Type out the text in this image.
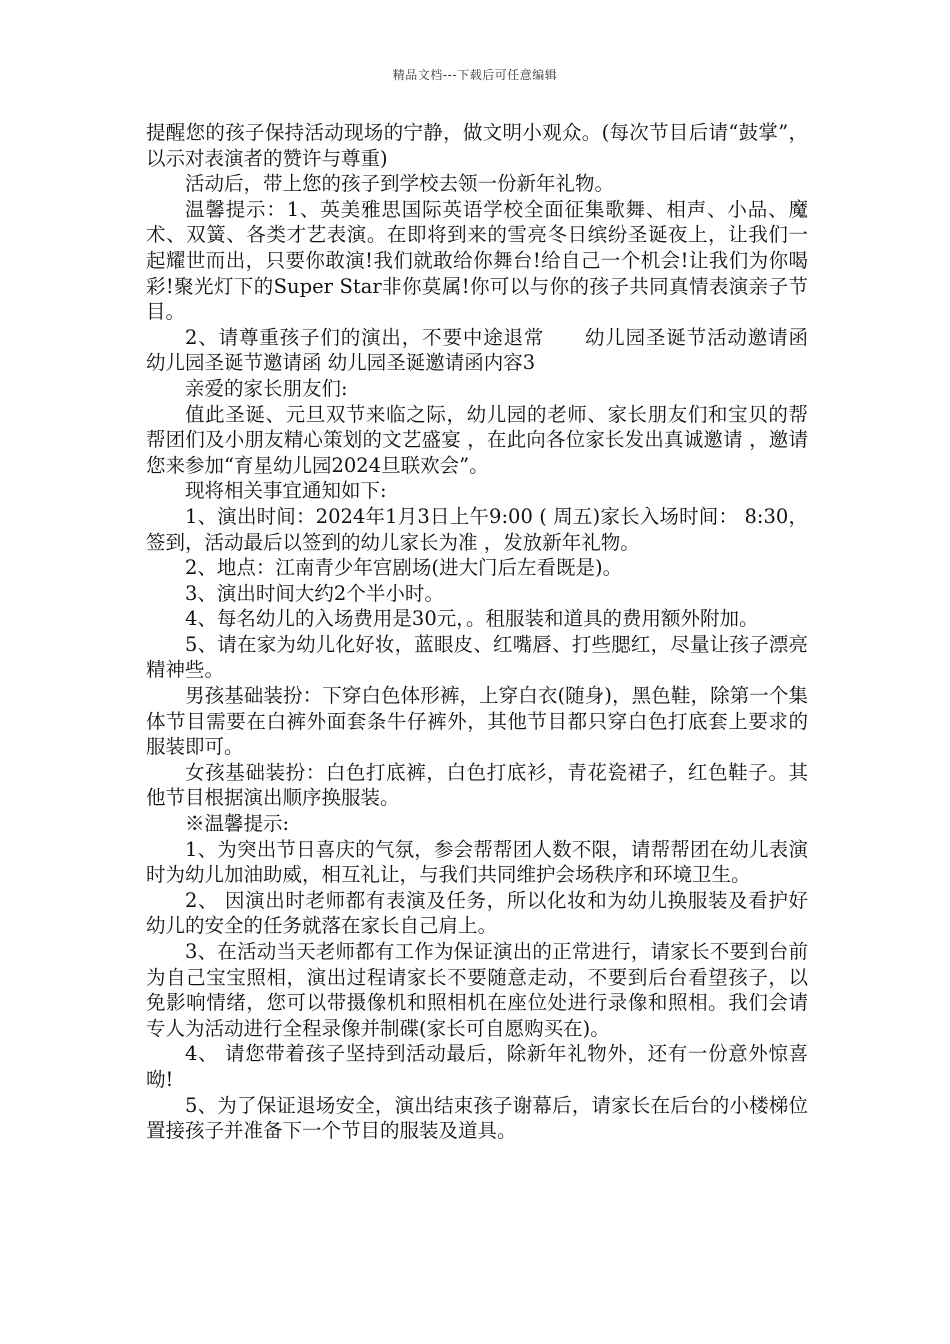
精品文档---下载后可任意编辑

提醒您的孩子保持活动现场的宁静，做文明小观众。(每次节目后请“鼓掌”，以示对表演者的赞许与尊重)

活动后，带上您的孩子到学校去领一份新年礼物。

温馨提示：1、英美雅思国际英语学校全面征集歌舞、相声、小品、魔术、双簧、各类才艺表演。在即将到来的雪亮冬日缤纷圣诞夜上，让我们一起耀世而出，只要你敢演!我们就敢给你舞台!给自己一个机会!让我们为你喝彩!聚光灯下的Super Star非你莫属!你可以与你的孩子共同真情表演亲子节目。

2、请尊重孩子们的演出，不要中途退常　　幼儿园圣诞节活动邀请函 幼儿园圣诞节邀请函 幼儿园圣诞邀请函内容3

亲爱的家长朋友们:

值此圣诞、元旦双节来临之际，幼儿园的老师、家长朋友们和宝贝的帮帮团们及小朋友精心策划的文艺盛宴 ，在此向各位家长发出真诚邀请 ，邀请您来参加“育星幼儿园2024旦联欢会”。

现将相关事宜通知如下:

1、演出时间：2024年1月3日上午9:00 ( 周五)家长入场时间： 8:30，签到，活动最后以签到的幼儿家长为准 ，发放新年礼物。

2、地点：江南青少年宫剧场(进大门后左看既是)。

3、演出时间大约2个半小时。

4、每名幼儿的入场费用是30元，。租服装和道具的费用额外附加。

5、请在家为幼儿化好妆，蓝眼皮、红嘴唇、打些腮红，尽量让孩子漂亮精神些。

男孩基础装扮：下穿白色体形裤，上穿白衣(随身)，黑色鞋，除第一个集体节目需要在白裤外面套条牛仔裤外，其他节目都只穿白色打底套上要求的服装即可。

女孩基础装扮：白色打底裤，白色打底衫，青花瓷裙子，红色鞋子。其他节目根据演出顺序换服装。

※温馨提示:

1、为突出节日喜庆的气氛，参会帮帮团人数不限，请帮帮团在幼儿表演时为幼儿加油助威，相互礼让，与我们共同维护会场秩序和环境卫生。

2、 因演出时老师都有表演及任务，所以化妆和为幼儿换服装及看护好幼儿的安全的任务就落在家长自己肩上。

3、在活动当天老师都有工作为保证演出的正常进行，请家长不要到台前为自己宝宝照相，演出过程请家长不要随意走动，不要到后台看望孩子，以免影响情绪，您可以带摄像机和照相机在座位处进行录像和照相。我们会请专人为活动进行全程录像并制碟(家长可自愿购买在)。

4、 请您带着孩子坚持到活动最后，除新年礼物外，还有一份意外惊喜呦!

5、为了保证退场安全，演出结束孩子谢幕后，请家长在后台的小楼梯位置接孩子并准备下一个节目的服装及道具。
